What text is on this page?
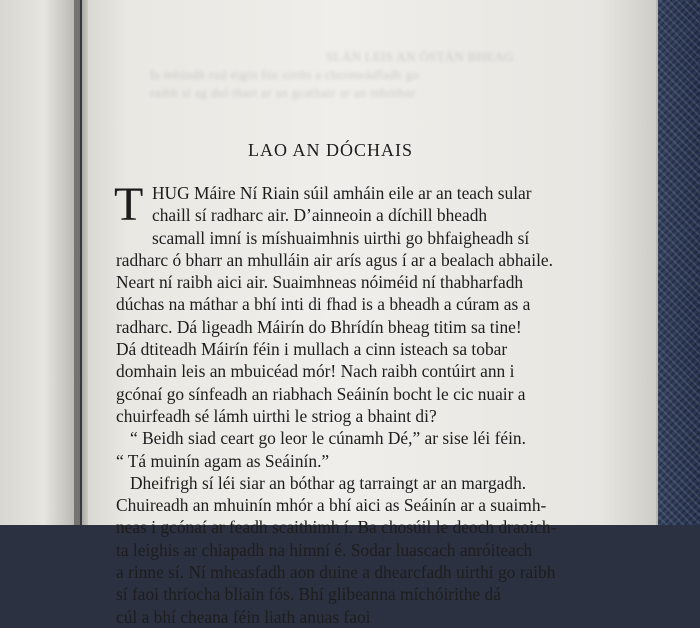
SLÁN LEIS AN ÓSTÁN BHEAG
Is mbíodh rud éigin fós uirthi a choimeádfadh go
raibh sí ag dul thart ar an gcathair ar an mbóthar
LAO AN DÓCHAIS
T HUG Máire Ní Riain súil amháin eile ar an teach sular
chaill sí radharc air. D’ainneoin a díchill bheadh
scamall imní is míshuaimhnis uirthi go bhfaigheadh sí
radharc ó bharr an mhulláin air arís agus í ar a bealach abhaile.
Neart ní raibh aici air. Suaimhneas nóiméid ní thabharfadh
dúchas na máthar a bhí inti di fhad is a bheadh a cúram as a
radharc. Dá ligeadh Máirín do Bhrídín bheag titim sa tine!
Dá dtiteadh Máirín féin i mullach a cinn isteach sa tobar
domhain leis an mbuicéad mór! Nach raibh contúirt ann i
gcónaí go sínfeadh an riabhach Seáinín bocht le cic nuair a
chuirfeadh sé lámh uirthi le striog a bhaint di?
“ Beidh siad ceart go leor le cúnamh Dé,” ar sise léi féin.
“ Tá muinín agam as Seáinín.”
Dheifrigh sí léi siar an bóthar ag tarraingt ar an margadh.
Chuireadh an mhuinín mhór a bhí aici as Seáinín ar a suaimh-
neas i gcónaí ar feadh scaithimh í. Ba chosúil le deoch draoich-
ta leighis ar chiapadh na himní é. Sodar luascach anróiteach
a rinne sí. Ní mheasfadh aon duine a dhearcfadh uirthi go raibh
sí faoi thríocha bliain fós. Bhí glibeanna míchóirithe dá
cúl a bhí cheana féin liath anuas faoi
